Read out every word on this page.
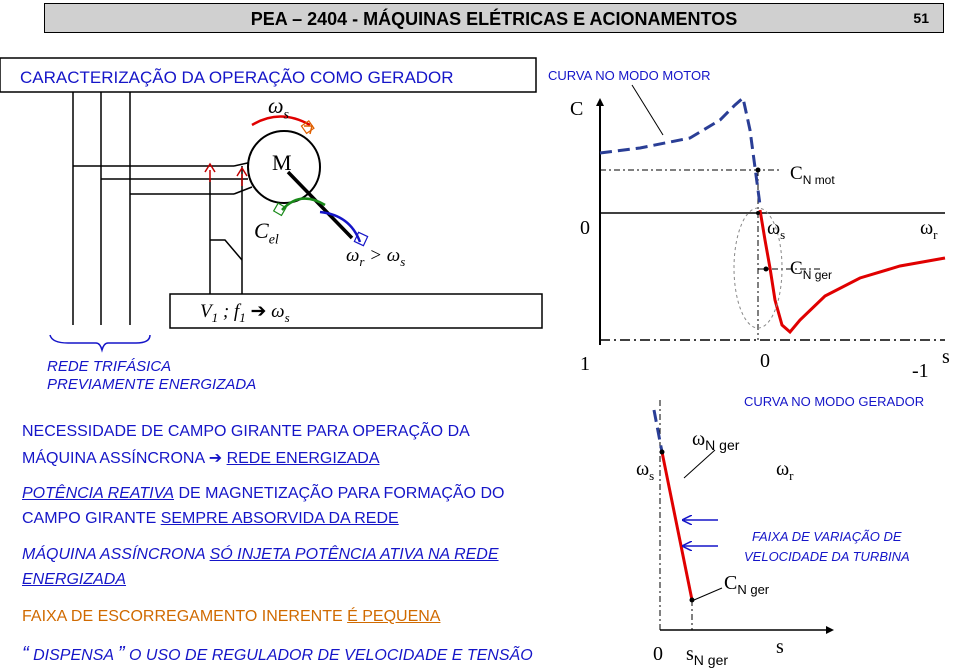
PEA – 2404 - MÁQUINAS ELÉTRICAS E ACIONAMENTOS	51
CARACTERIZAÇÃO DA OPERAÇÃO COMO GERADOR
$\omega_s$
M
$C_{el}$
$\omega_r > \omega_s$
$V_1$ ; $f_1$ ➔ $\omega_s$
REDE TRIFÁSICA
PREVIAMENTE ENERGIZADA
NECESSIDADE DE CAMPO GIRANTE PARA OPERAÇÃO DA
MÁQUINA ASSÍNCRONA ➔ REDE ENERGIZADA
POTÊNCIA REATIVA DE MAGNETIZAÇÃO PARA FORMAÇÃO DO
CAMPO GIRANTE SEMPRE ABSORVIDA DA REDE
MÁQUINA ASSÍNCRONA SÓ INJETA POTÊNCIA ATIVA NA REDE
ENERGIZADA
FAIXA DE ESCORREGAMENTO INERENTE É PEQUENA
“ DISPENSA ” O USO DE REGULADOR DE VELOCIDADE E TENSÃO
CURVA NO MODO MOTOR
C
$C_{N mot}$
0	$\omega_s$	$\omega_r$
$C_{N ger}$
1	0	-1
s
CURVA NO MODO GERADOR
$\omega_s$
$\omega_{N ger}$
$\omega_r$
FAIXA DE VARIAÇÃO DE
VELOCIDADE DA TURBINA
$C_{N ger}$
0 $s_{N ger}$
s
